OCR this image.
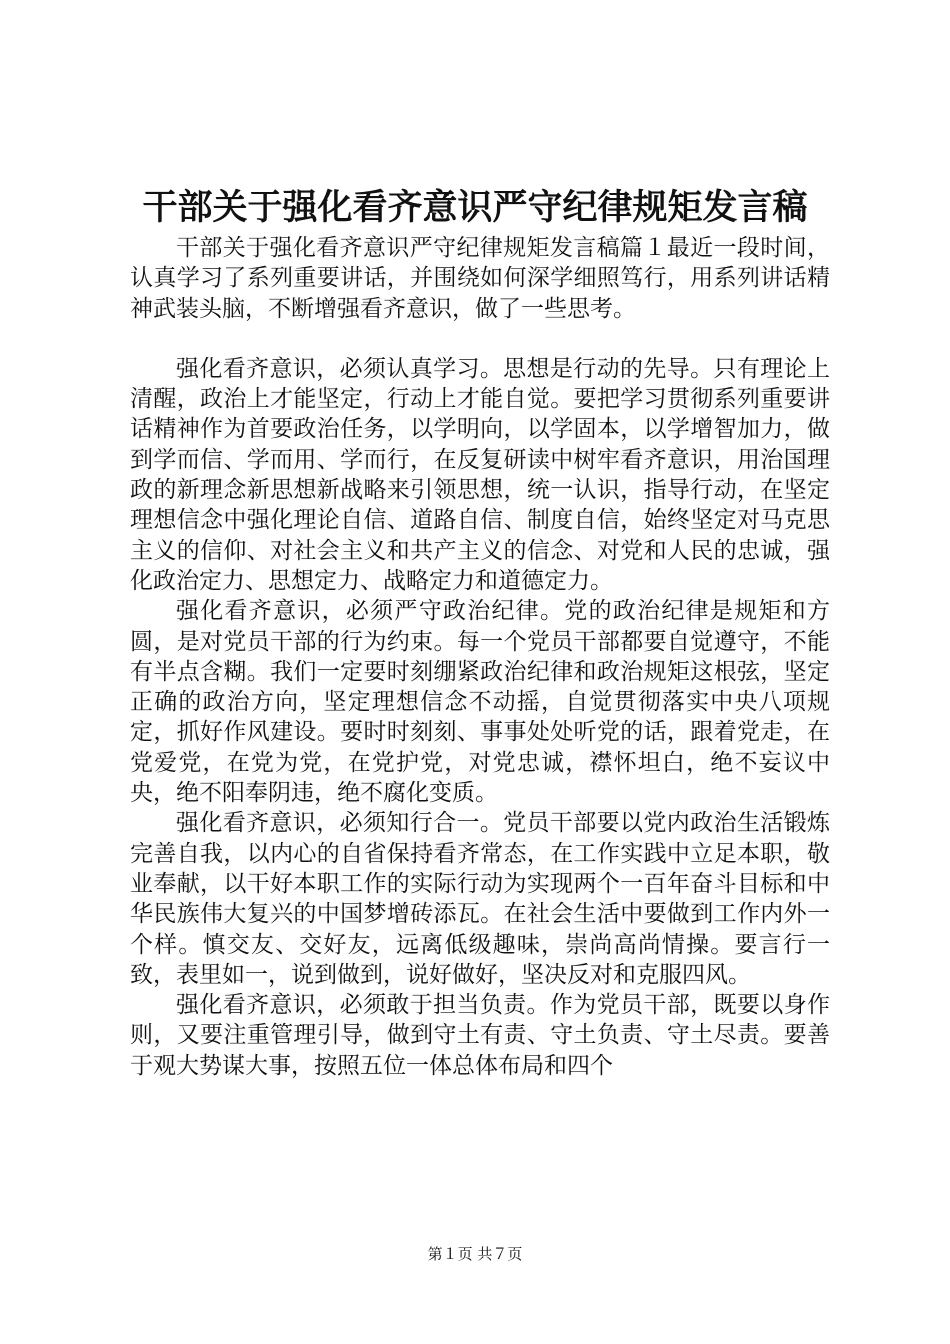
干部关于强化看齐意识严守纪律规矩发言稿

干部关于强化看齐意识严守纪律规矩发言稿篇１最近一段时间，认真学习了系列重要讲话，并围绕如何深学细照笃行，用系列讲话精神武装头脑，不断增强看齐意识，做了一些思考。

强化看齐意识，必须认真学习。思想是行动的先导。只有理论上清醒，政治上才能坚定，行动上才能自觉。要把学习贯彻系列重要讲话精神作为首要政治任务，以学明向，以学固本，以学增智加力，做到学而信、学而用、学而行，在反复研读中树牢看齐意识，用治国理政的新理念新思想新战略来引领思想，统一认识，指导行动，在坚定理想信念中强化理论自信、道路自信、制度自信，始终坚定对马克思主义的信仰、对社会主义和共产主义的信念、对党和人民的忠诚，强化政治定力、思想定力、战略定力和道德定力。

强化看齐意识，必须严守政治纪律。党的政治纪律是规矩和方圆，是对党员干部的行为约束。每一个党员干部都要自觉遵守，不能有半点含糊。我们一定要时刻绷紧政治纪律和政治规矩这根弦，坚定正确的政治方向，坚定理想信念不动摇，自觉贯彻落实中央八项规定，抓好作风建设。要时时刻刻、事事处处听党的话，跟着党走，在党爱党，在党为党，在党护党，对党忠诚，襟怀坦白，绝不妄议中央，绝不阳奉阴违，绝不腐化变质。

强化看齐意识，必须知行合一。党员干部要以党内政治生活锻炼完善自我，以内心的自省保持看齐常态，在工作实践中立足本职，敬业奉献，以干好本职工作的实际行动为实现两个一百年奋斗目标和中华民族伟大复兴的中国梦增砖添瓦。在社会生活中要做到工作内外一个样。慎交友、交好友，远离低级趣味，崇尚高尚情操。要言行一致，表里如一，说到做到，说好做好，坚决反对和克服四风。

强化看齐意识，必须敢于担当负责。作为党员干部，既要以身作则，又要注重管理引导，做到守土有责、守土负责、守土尽责。要善于观大势谋大事，按照五位一体总体布局和四个

第１页 共７页
